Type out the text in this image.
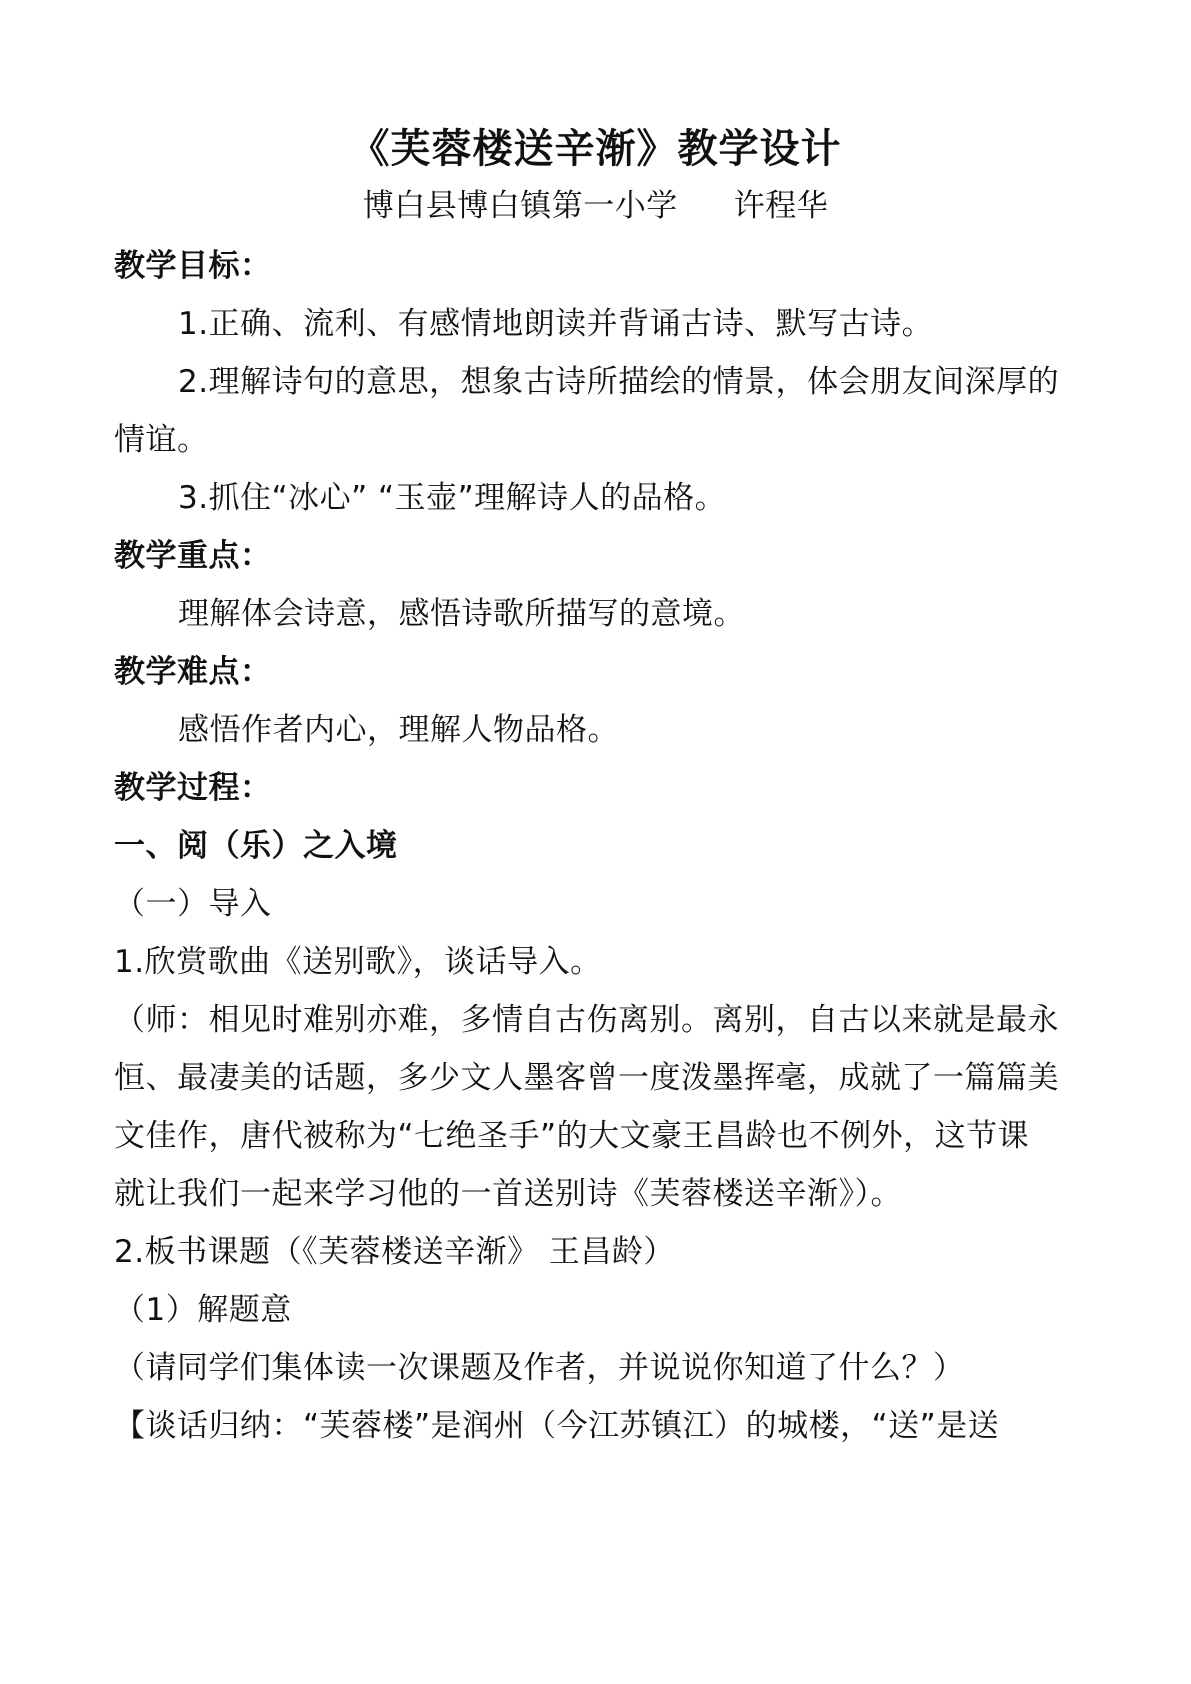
《芙蓉楼送辛渐》教学设计
博白县博白镇第一小学 许程华
教学目标：
1.正确、流利、有感情地朗读并背诵古诗、默写古诗。
2.理解诗句的意思，想象古诗所描绘的情景，体会朋友间深厚的
情谊。
3.抓住“冰心” “玉壶”理解诗人的品格。
教学重点：
理解体会诗意，感悟诗歌所描写的意境。
教学难点：
感悟作者内心，理解人物品格。
教学过程：
一、阅（乐）之入境
（一）导入
1.欣赏歌曲《送别歌》，谈话导入。
（师：相见时难别亦难，多情自古伤离别。离别，自古以来就是最永
恒、最凄美的话题，多少文人墨客曾一度泼墨挥毫，成就了一篇篇美
文佳作，唐代被称为“七绝圣手”的大文豪王昌龄也不例外，这节课
就让我们一起来学习他的一首送别诗《芙蓉楼送辛渐》）。
2.板书课题（《芙蓉楼送辛渐》 王昌龄）
（1）解题意
（请同学们集体读一次课题及作者，并说说你知道了什么？）
【谈话归纳：“芙蓉楼”是润州（今江苏镇江）的城楼，“送”是送
